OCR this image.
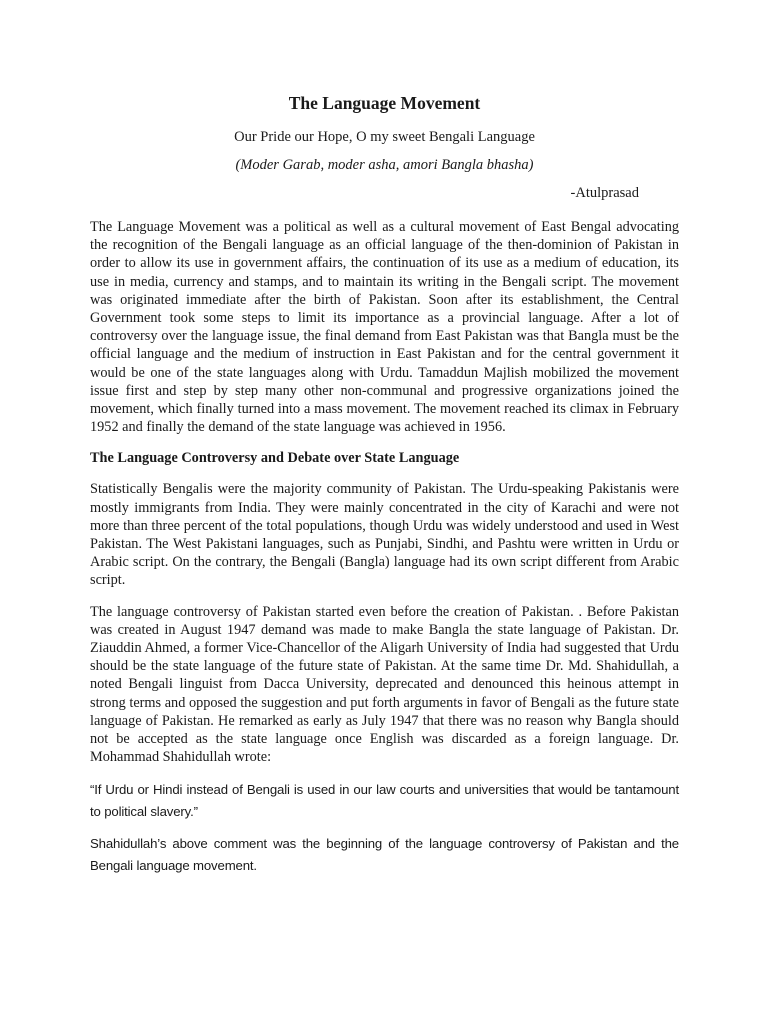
The Language Movement

Our Pride our Hope, O my sweet Bengali Language

(Moder Garab, moder asha, amori Bangla bhasha)

-Atulprasad

The Language Movement was a political as well as a cultural movement of East Bengal advocating the recognition of the Bengali language as an official language of the then-dominion of Pakistan in order to allow its use in government affairs, the continuation of its use as a medium of education, its use in media, currency and stamps, and to maintain its writing in the Bengali script. The movement was originated immediate after the birth of Pakistan. Soon after its establishment, the Central Government took some steps to limit its importance as a provincial language. After a lot of controversy over the language issue, the final demand from East Pakistan was that Bangla must be the official language and the medium of instruction in East Pakistan and for the central government it would be one of the state languages along with Urdu. Tamaddun Majlish mobilized the movement issue first and step by step many other non-communal and progressive organizations joined the movement, which finally turned into a mass movement. The movement reached its climax in February 1952 and finally the demand of the state language was achieved in 1956.

The Language Controversy and Debate over State Language

Statistically Bengalis were the majority community of Pakistan. The Urdu-speaking Pakistanis were mostly immigrants from India. They were mainly concentrated in the city of Karachi and were not more than three percent of the total populations, though Urdu was widely understood and used in West Pakistan. The West Pakistani languages, such as Punjabi, Sindhi, and Pashtu were written in Urdu or Arabic script. On the contrary, the Bengali (Bangla) language had its own script different from Arabic script.

The language controversy of Pakistan started even before the creation of Pakistan. . Before Pakistan was created in August 1947 demand was made to make Bangla the state language of Pakistan. Dr. Ziauddin Ahmed, a former Vice-Chancellor of the Aligarh University of India had suggested that Urdu should be the state language of the future state of Pakistan. At the same time Dr. Md. Shahidullah, a noted Bengali linguist from Dacca University, deprecated and denounced this heinous attempt in strong terms and opposed the suggestion and put forth arguments in favor of Bengali as the future state language of Pakistan. He remarked as early as July 1947 that there was no reason why Bangla should not be accepted as the state language once English was discarded as a foreign language. Dr. Mohammad Shahidullah wrote:

“If Urdu or Hindi instead of Bengali is used in our law courts and universities that would be tantamount to political slavery.”

Shahidullah’s above comment was the beginning of the language controversy of Pakistan and the Bengali language movement.
